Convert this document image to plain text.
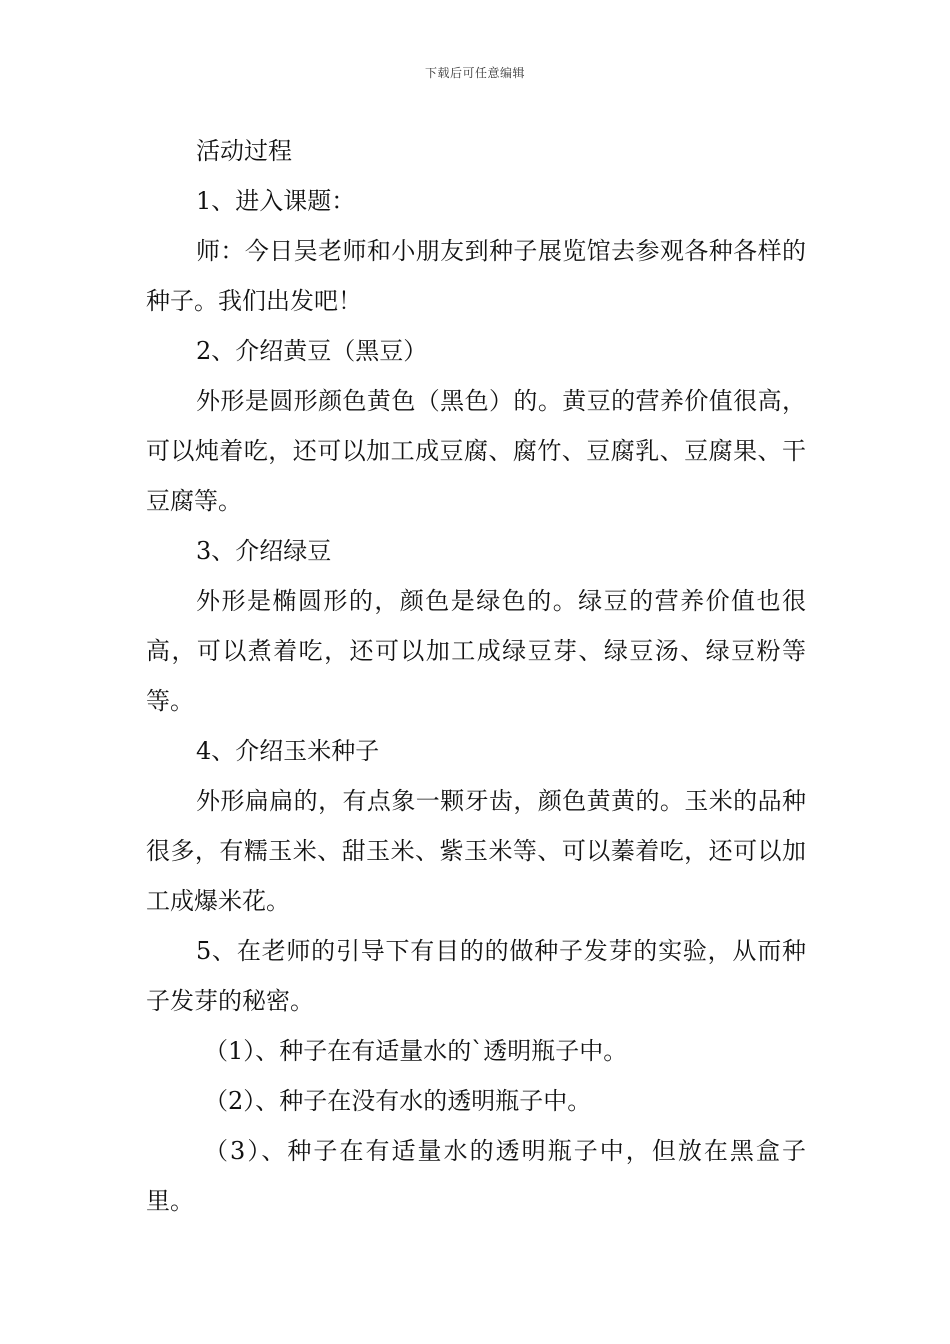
下载后可任意编辑

活动过程

1、进入课题：

师：今日吴老师和小朋友到种子展览馆去参观各种各样的种子。我们出发吧！

2、介绍黄豆（黑豆）

外形是圆形颜色黄色（黑色）的。黄豆的营养价值很高，可以炖着吃，还可以加工成豆腐、腐竹、豆腐乳、豆腐果、干豆腐等。

3、介绍绿豆

外形是椭圆形的，颜色是绿色的。绿豆的营养价值也很高，可以煮着吃，还可以加工成绿豆芽、绿豆汤、绿豆粉等等。

4、介绍玉米种子

外形扁扁的，有点象一颗牙齿，颜色黄黄的。玉米的品种很多，有糯玉米、甜玉米、紫玉米等、可以蓁着吃，还可以加工成爆米花。

5、在老师的引导下有目的的做种子发芽的实验，从而种子发芽的秘密。

（1）、种子在有适量水的`透明瓶子中。

（2）、种子在没有水的透明瓶子中。

（3）、种子在有适量水的透明瓶子中，但放在黑盒子里。
